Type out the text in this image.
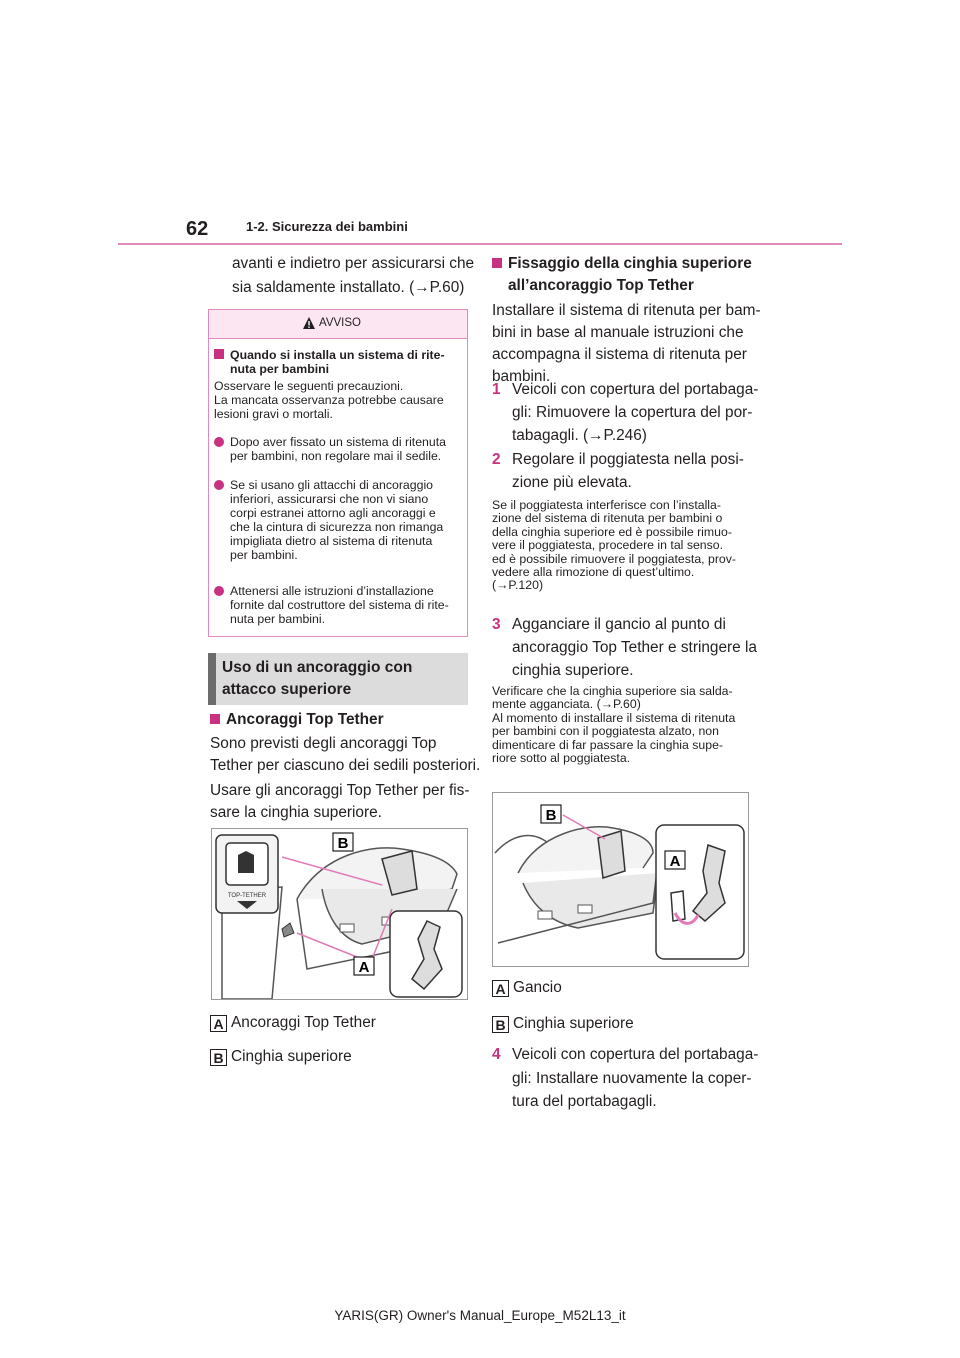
62	1-2. Sicurezza dei bambini
avanti e indietro per assicurarsi che
sia saldamente installato. (→P.60)
AVVISO
Quando si installa un sistema di rite-
nuta per bambini
Osservare le seguenti precauzioni.
La mancata osservanza potrebbe causare
lesioni gravi o mortali.
Dopo aver fissato un sistema di ritenuta
per bambini, non regolare mai il sedile.
Se si usano gli attacchi di ancoraggio
inferiori, assicurarsi che non vi siano
corpi estranei attorno agli ancoraggi e
che la cintura di sicurezza non rimanga
impigliata dietro al sistema di ritenuta
per bambini.
Attenersi alle istruzioni d’installazione
fornite dal costruttore del sistema di rite-
nuta per bambini.
Uso di un ancoraggio con
attacco superiore
Ancoraggi Top Tether
Sono previsti degli ancoraggi Top
Tether per ciascuno dei sedili posteriori.
Usare gli ancoraggi Top Tether per fis-
sare la cinghia superiore.
TOP-TETHER
B
A
A Ancoraggi Top Tether
B Cinghia superiore
Fissaggio della cinghia superiore
all’ancoraggio Top Tether
Installare il sistema di ritenuta per bam-
bini in base al manuale istruzioni che
accompagna il sistema di ritenuta per
bambini.
1 Veicoli con copertura del portabaga-
gli: Rimuovere la copertura del por-
tabagagli. (→P.246)
2 Regolare il poggiatesta nella posi-
zione più elevata.
Se il poggiatesta interferisce con l’installa-
zione del sistema di ritenuta per bambini o
della cinghia superiore ed è possibile rimuo-
vere il poggiatesta, procedere in tal senso.
ed è possibile rimuovere il poggiatesta, prov-
vedere alla rimozione di quest’ultimo.
(→P.120)
3 Agganciare il gancio al punto di
ancoraggio Top Tether e stringere la
cinghia superiore.
Verificare che la cinghia superiore sia salda-
mente agganciata. (→P.60)
Al momento di installare il sistema di ritenuta
per bambini con il poggiatesta alzato, non
dimenticare di far passare la cinghia supe-
riore sotto al poggiatesta.
B
A
A Gancio
B Cinghia superiore
4 Veicoli con copertura del portabaga-
gli: Installare nuovamente la coper-
tura del portabagagli.
YARIS(GR) Owner's Manual_Europe_M52L13_it
